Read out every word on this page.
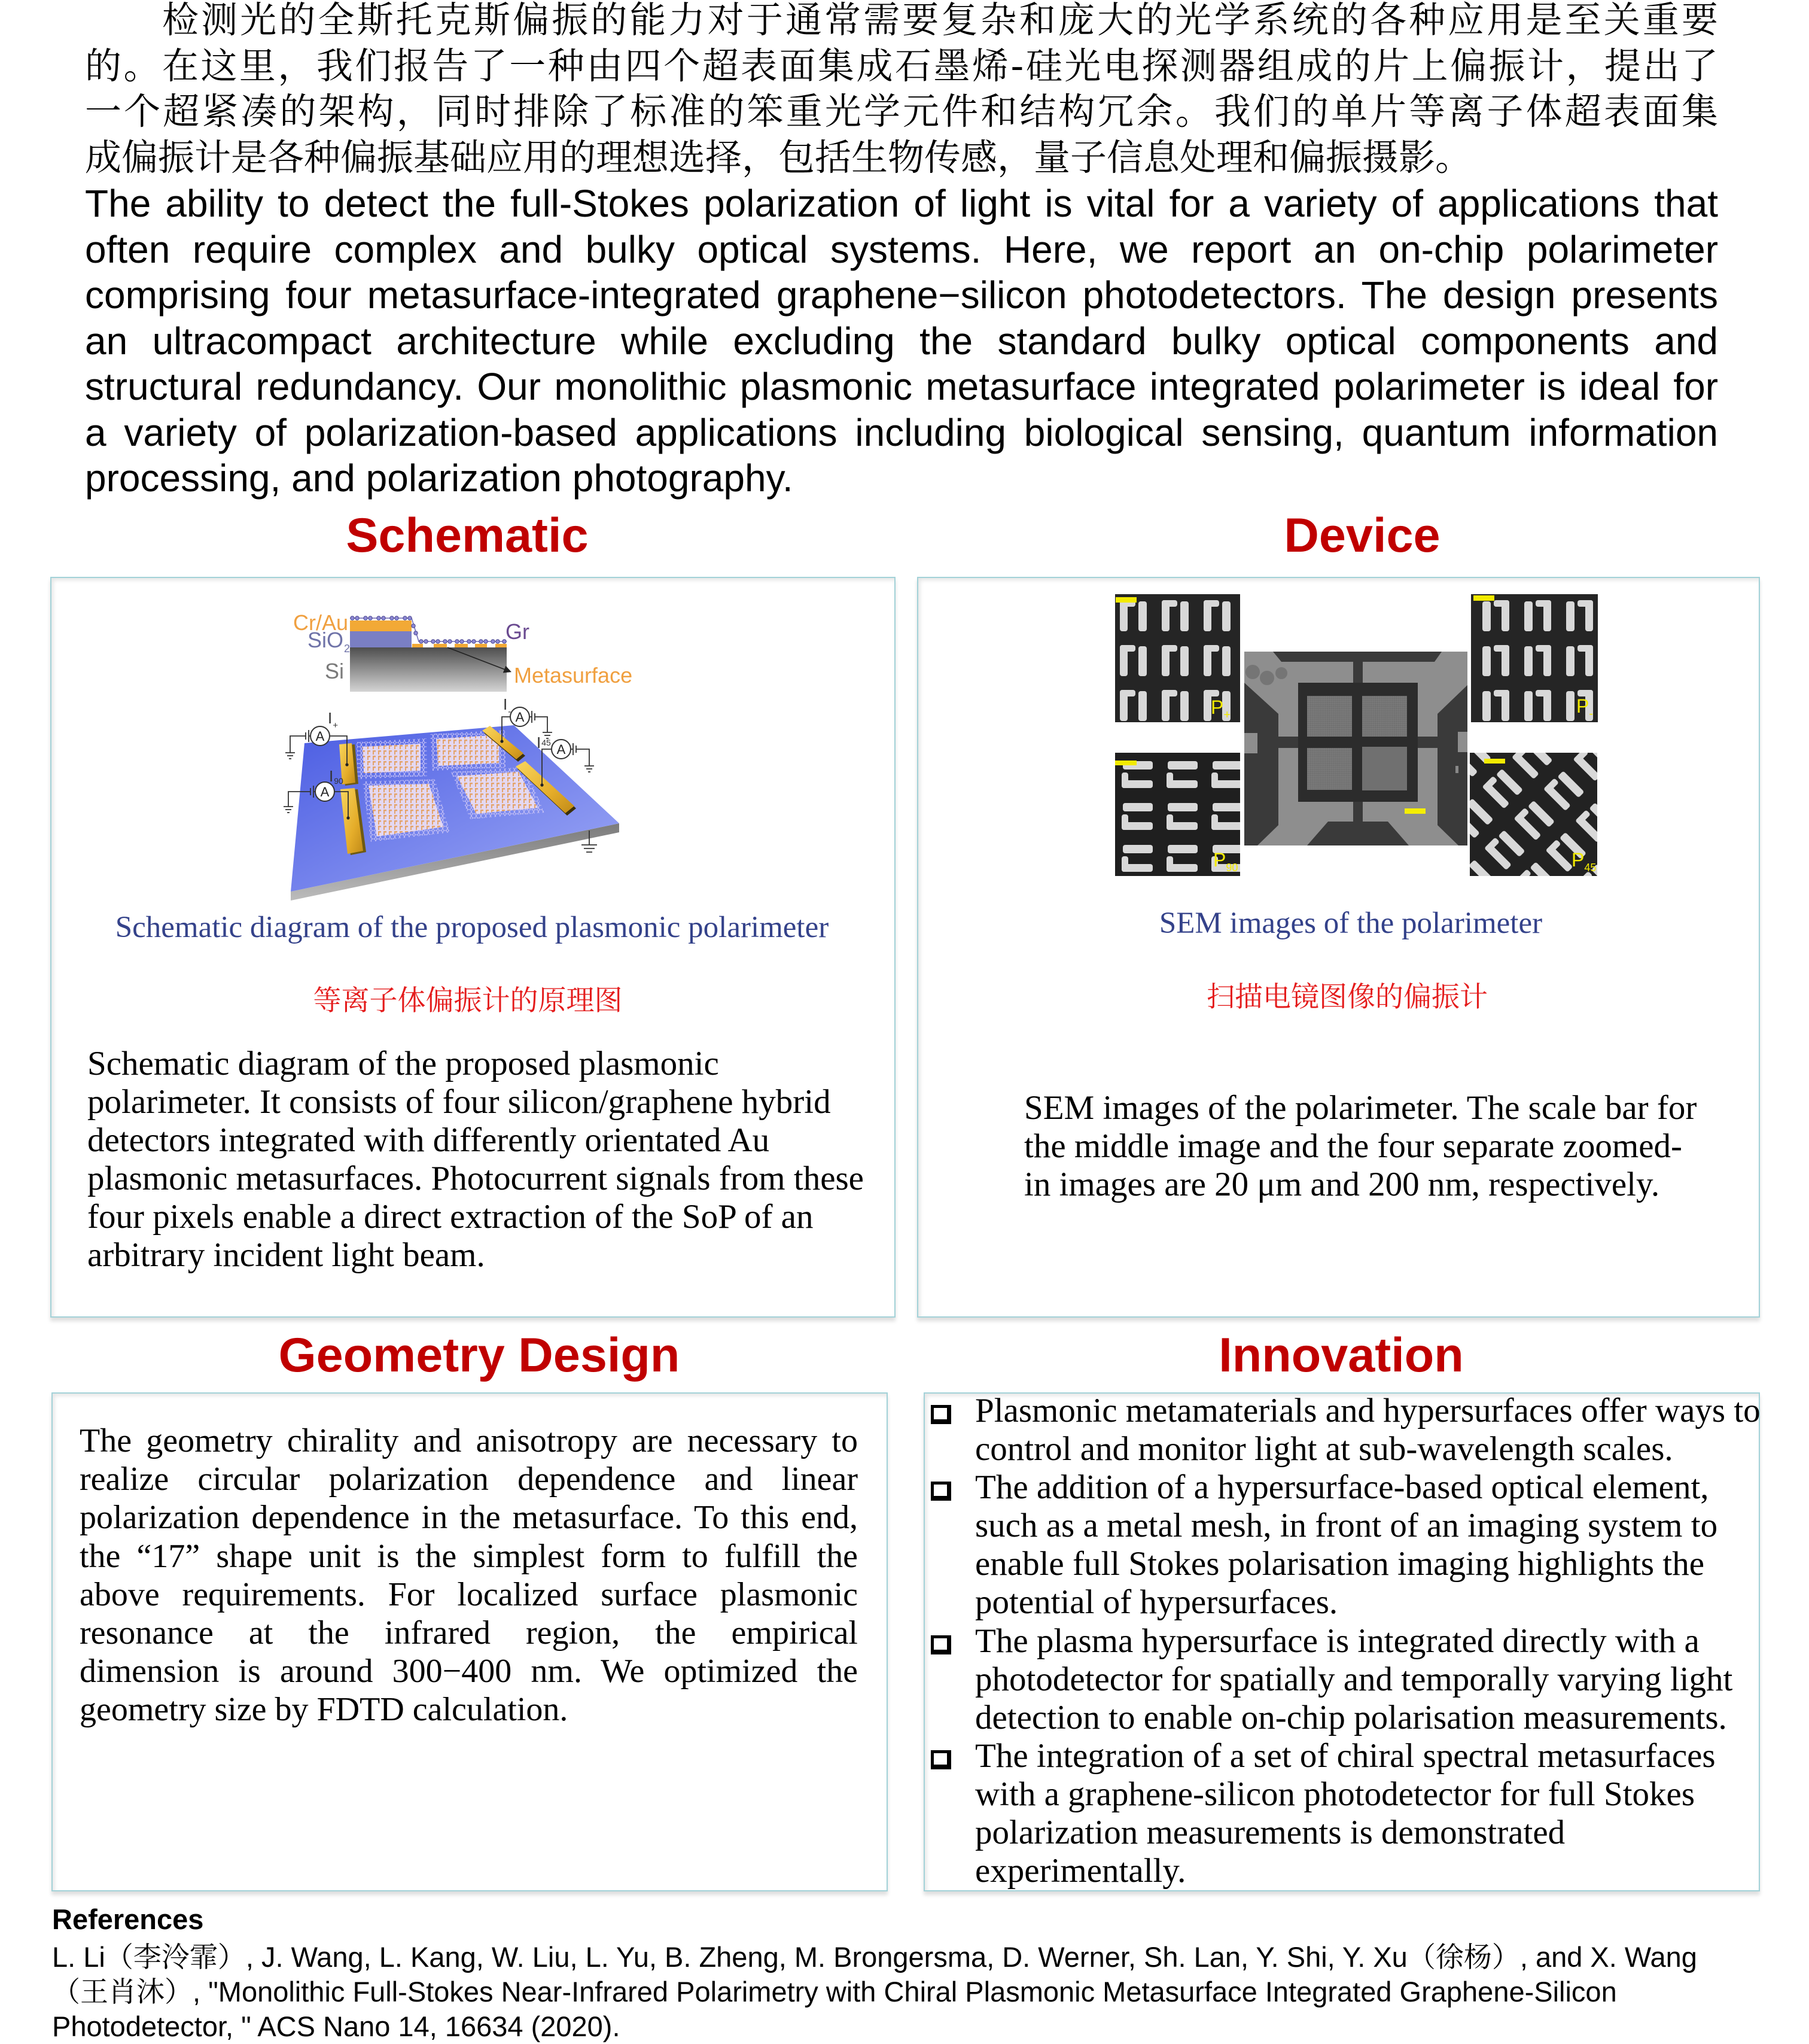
检测光的全斯托克斯偏振的能力对于通常需要复杂和庞大的光学系统的各种应用是至关重要
的。在这里，我们报告了一种由四个超表面集成石墨烯-硅光电探测器组成的片上偏振计，提出了
一个超紧凑的架构，同时排除了标准的笨重光学元件和结构冗余。我们的单片等离子体超表面集
成偏振计是各种偏振基础应用的理想选择，包括生物传感，量子信息处理和偏振摄影。
The ability to detect the full-Stokes polarization of light is vital for a variety of applications that
often require complex and bulky optical systems. Here, we report an on-chip polarimeter
comprising four metasurface-integrated graphene−silicon photodetectors. The design presents
an ultracompact architecture while excluding the standard bulky optical components and
structural redundancy. Our monolithic plasmonic metasurface integrated polarimeter is ideal for
a variety of polarization-based applications including biological sensing, quantum information
processing, and polarization photography.
Schematic	Device
Geometry Design	Innovation
Cr/Au
SiO 2
Si
Gr
Metasurface
A
A
A
A
$I_+$
$I_-$
I45
I90
Schematic diagram of the proposed plasmonic polarimeter
等离子体偏振计的原理图
Schematic diagram of the proposed plasmonic
polarimeter. It consists of four silicon/graphene hybrid
detectors integrated with differently orientated Au
plasmonic metasurfaces. Photocurrent signals from these
four pixels enable a direct extraction of the SoP of an
arbitrary incident light beam.
$P_+$	$P_-$
$P_{90}$	$P_{45}$
SEM images of the polarimeter
扫描电镜图像的偏振计
SEM images of the polarimeter. The scale bar for
the middle image and the four separate zoomed-
in images are 20 μm and 200 nm, respectively.
The geometry chirality and anisotropy are necessary to
realize circular polarization dependence and linear
polarization dependence in the metasurface. To this end,
the “17” shape unit is the simplest form to fulfill the
above requirements. For localized surface plasmonic
resonance at the infrared region, the empirical
dimension is around 300−400 nm. We optimized the
geometry size by FDTD calculation.
Plasmonic metamaterials and hypersurfaces offer ways to
control and monitor light at sub-wavelength scales.
The addition of a hypersurface-based optical element,
such as a metal mesh, in front of an imaging system to
enable full Stokes polarisation imaging highlights the
potential of hypersurfaces.
The plasma hypersurface is integrated directly with a
photodetector for spatially and temporally varying light
detection to enable on-chip polarisation measurements.
The integration of a set of chiral spectral metasurfaces
with a graphene-silicon photodetector for full Stokes
polarization measurements is demonstrated
experimentally.
References
L. Li（李泠霏）, J. Wang, L. Kang, W. Liu, L. Yu, B. Zheng, M. Brongersma, D. Werner, Sh. Lan, Y. Shi, Y. Xu（徐杨）, and X. Wang
（王肖沐）, "Monolithic Full-Stokes Near-Infrared Polarimetry with Chiral Plasmonic Metasurface Integrated Graphene-Silicon
Photodetector, " ACS Nano 14, 16634 (2020).
